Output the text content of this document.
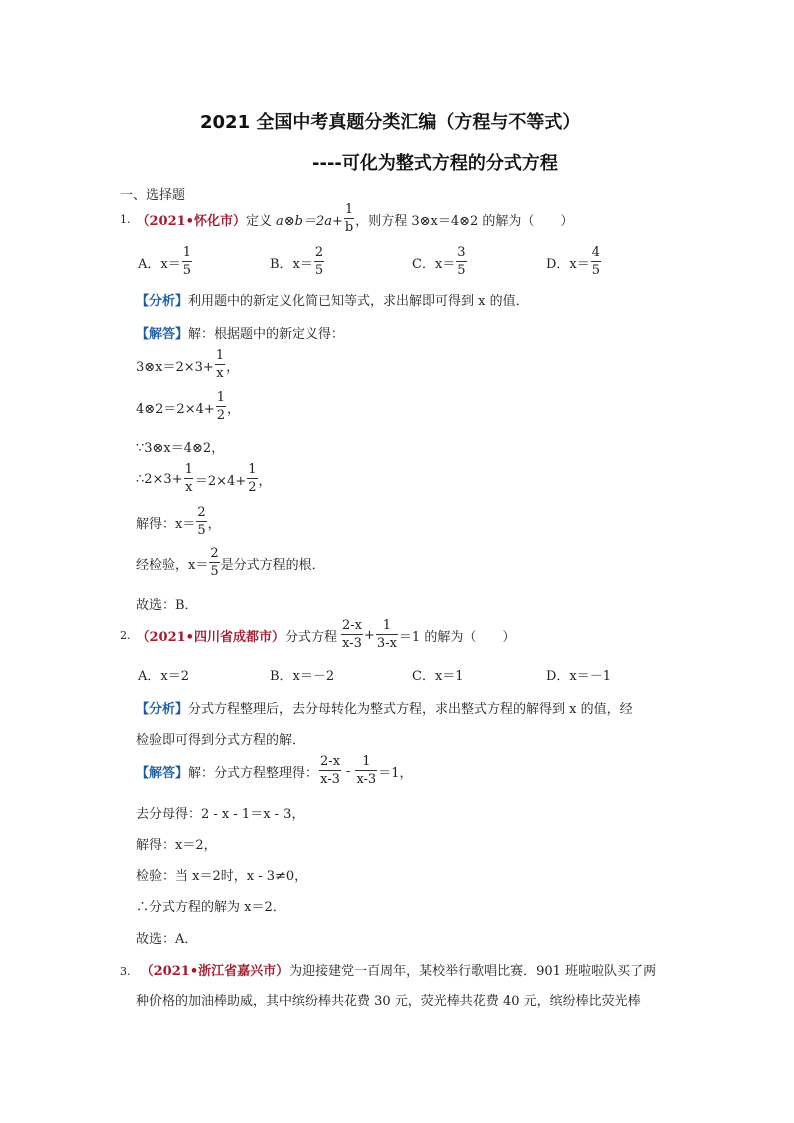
2021 全国中考真题分类汇编（方程与不等式）
----可化为整式方程的分式方程
一、选择题
1. （2021•怀化市） 定义 a⊗b＝2a+ $\frac{1}{b}$ ，则方程 3⊗x＝4⊗2 的解为（　　）
A．$x= \frac{1}{5}$	B．$x= \frac{2}{5}$	C．$x= \frac{3}{5}$	D．$x= \frac{4}{5}$
【分析】利用题中的新定义化简已知等式，求出解即可得到 x 的值．
【解答】解：根据题中的新定义得：
3⊗x＝2×3+ $\frac{1}{x}$ ，
4⊗2＝2×4+ $\frac{1}{2}$ ，
∵3⊗x＝4⊗2，
∴2×3+ $\frac{1}{x} =2\times 4+ \frac{1}{2}$ ，
解得：$x= \frac{2}{5}$ ，
经检验，$x= \frac{2}{5}$ 是分式方程的根．
故选：B．
2. （2021•四川省成都市） 分式方程 $\frac{2-x}{x-3} + \frac{1}{3-x} =1$ 的解为（　　）
A．x＝2	B．x＝－2	C．x＝1	D．x＝－1
【分析】分式方程整理后，去分母转化为整式方程，求出整式方程的解得到 x 的值，经
检验即可得到分式方程的解．
【解答】 解：分式方程整理得： $\frac{2-x}{x-3} - \frac{1}{x-3} =1$，
去分母得：2 - x - 1＝x - 3，
解得：x＝2，
检验：当 x＝2时，x - 3≠0，
∴分式方程的解为 x＝2．
故选：A．
3. （2021•浙江省嘉兴市）为迎接建党一百周年，某校举行歌唱比赛．901 班啦啦队买了两
种价格的加油棒助威，其中缤纷棒共花费 30 元，荧光棒共花费 40 元，缤纷棒比荧光棒
